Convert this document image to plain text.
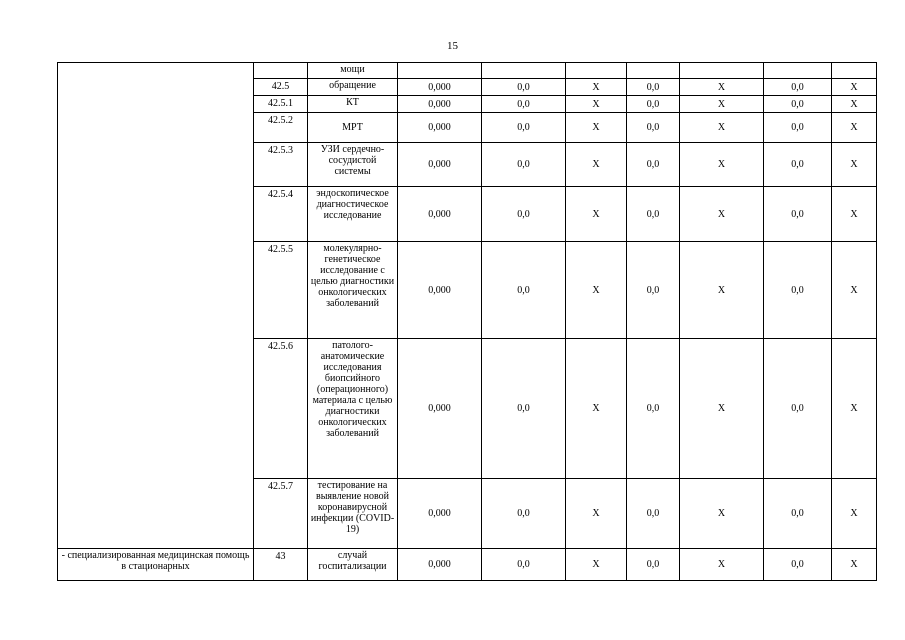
15
		мощи							
	42.5	обращение	0,000	0,0	X	0,0	X	0,0	X
	42.5.1	КТ	0,000	0,0	X	0,0	X	0,0	X
	42.5.2	МРТ	0,000	0,0	X	0,0	X	0,0	X
	42.5.3	УЗИ сердечно-сосудистой системы	0,000	0,0	X	0,0	X	0,0	X
	42.5.4	эндоскопическое диагностическое исследование	0,000	0,0	X	0,0	X	0,0	X
	42.5.5	молекулярно-генетическое исследование с целью диагностики онкологических заболеваний	0,000	0,0	X	0,0	X	0,0	X
	42.5.6	патолого-анатомические исследования биопсийного (операционного) материала с целью диагностики онкологических заболеваний	0,000	0,0	X	0,0	X	0,0	X
	42.5.7	тестирование на выявление новой коронавирусной инфекции (COVID-19)	0,000	0,0	X	0,0	X	0,0	X
- специализированная медицинская помощь в стационарных	43	случай госпитализации	0,000	0,0	X	0,0	X	0,0	X
